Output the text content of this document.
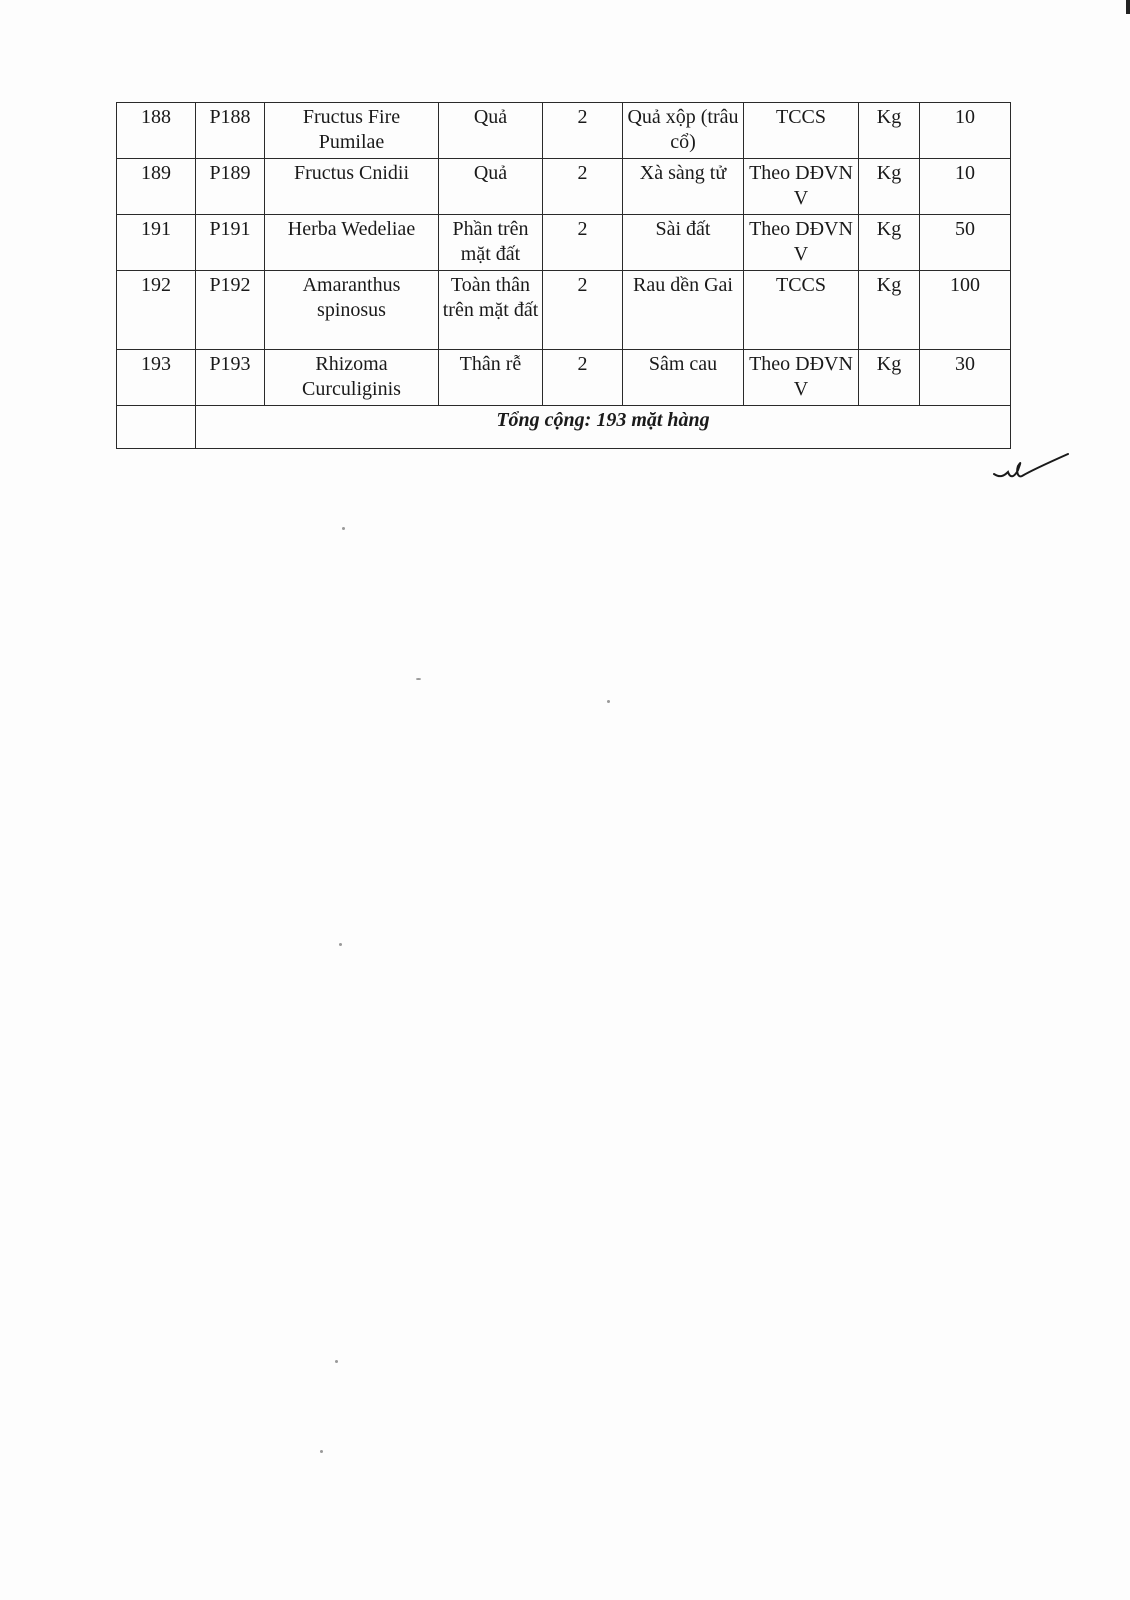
188	P188	Fructus Fire Pumilae	Quả	2	Quả xộp (trâu cổ)	TCCS	Kg	10
189	P189	Fructus Cnidii	Quả	2	Xà sàng tử	Theo DĐVN V	Kg	10
191	P191	Herba Wedeliae	Phần trên mặt đất	2	Sài đất	Theo DĐVN V	Kg	50
192	P192	Amaranthus spinosus	Toàn thân trên mặt đất	2	Rau dền Gai	TCCS	Kg	100
193	P193	Rhizoma Curculiginis	Thân rễ	2	Sâm cau	Theo DĐVN V	Kg	30
	Tổng cộng: 193 mặt hàng							
